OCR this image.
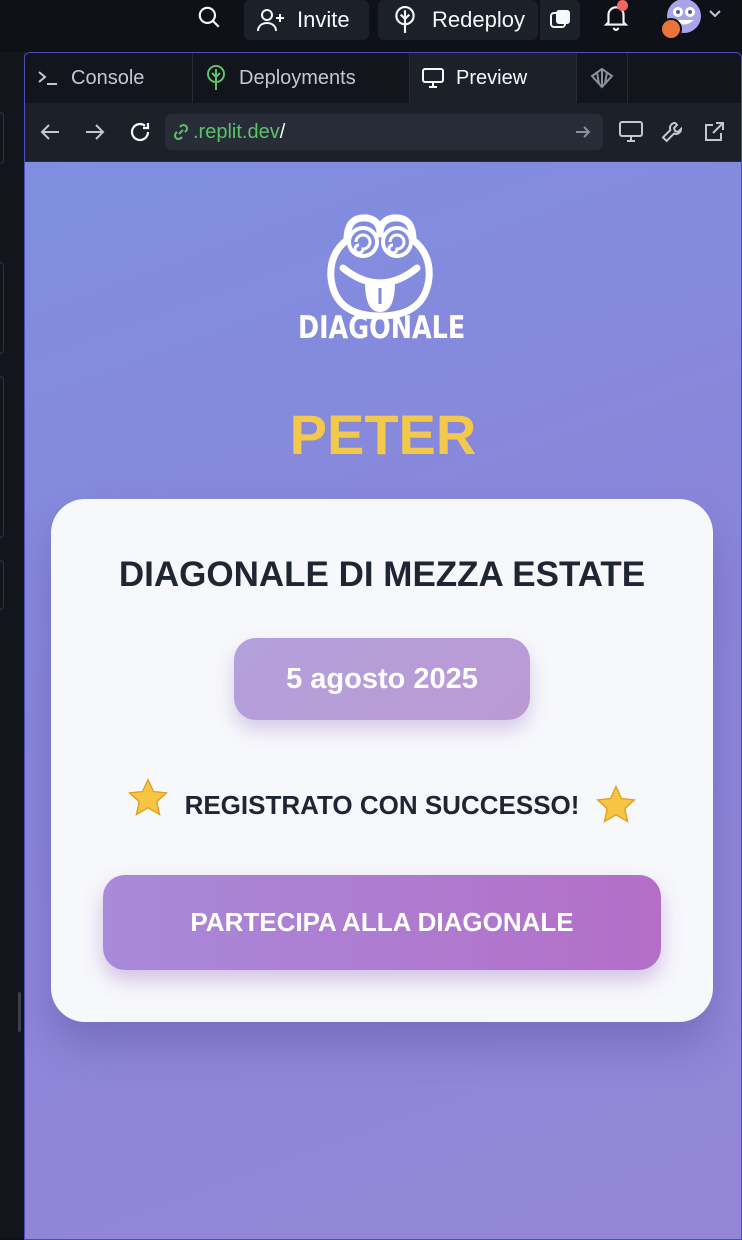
Invite	Redeploy
Console	Deployments	Preview
.replit.dev /
DIAGONALE
PETER
DIAGONALE DI MEZZA ESTATE
5 agosto 2025
REGISTRATO CON SUCCESSO!
PARTECIPA ALLA DIAGONALE
